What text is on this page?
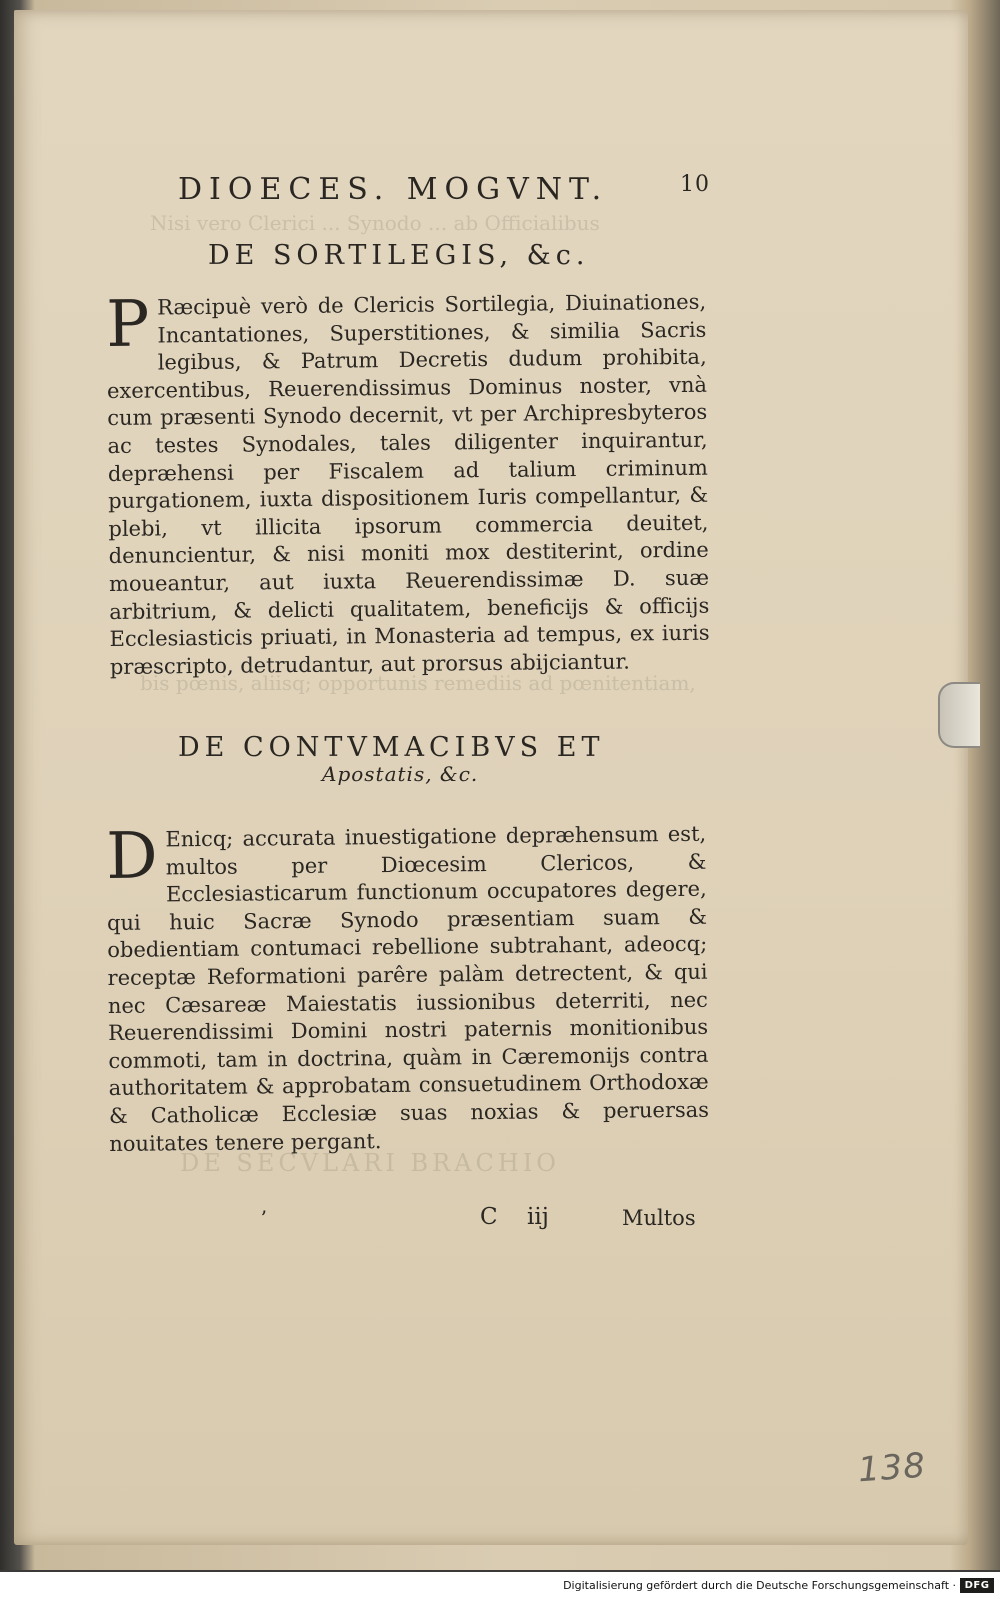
Nisi vero Clerici ... Synodo ... ab Officialibus
bis pœnis, aliisq; opportunis remediis ad pœnitentiam,
DE SECVLARI BRACHIO
DIOECES. MOGVNT.	10
DE SORTILEGIS, &c.

P Ræcipuè verò de Clericis Sortilegia, Diuinationes, Incantationes, Superstitiones, & similia Sacris legibus, & Patrum Decretis dudum prohibita, exercentibus, Reuerendissimus Dominus noster, vnà cum præsenti Synodo decernit, vt per Archipresbyteros ac testes Synodales, tales diligenter inquirantur, depræhensi per Fiscalem ad talium criminum purgationem, iuxta dispositionem Iuris compellantur, & plebi, vt illicita ipsorum commercia deuitet, denuncientur, & nisi moniti mox destiterint, ordine moueantur, aut iuxta Reuerendissimæ D. suæ arbitrium, & delicti qualitatem, beneficijs & officijs Ecclesiasticis priuati, in Monasteria ad tempus, ex iuris præscripto, detrudantur, aut prorsus abijciantur.

DE CONTVMACIBVS ET
Apostatis, &c.

D Enicq; accurata inuestigatione depræhensum est, multos per Diœcesim Clericos, & Ecclesiasticarum functionum occupatores degere, qui huic Sacræ Synodo præsentiam suam & obedientiam contumaci rebellione subtrahant, adeocq; receptæ Reformationi parêre palàm detrectent, & qui nec Cæsareæ Maiestatis iussionibus deterriti, nec Reuerendissimi Domini nostri paternis monitionibus commoti, tam in doctrina, quàm in Cæremonijs contra authoritatem & approbatam consuetudinem Orthodoxæ & Catholicæ Ecclesiæ suas noxias & peruersas nouitates tenere pergant.

ʼ	C iij	Multos
138
Digitalisierung gefördert durch die Deutsche Forschungsgemeinschaft · DFG
